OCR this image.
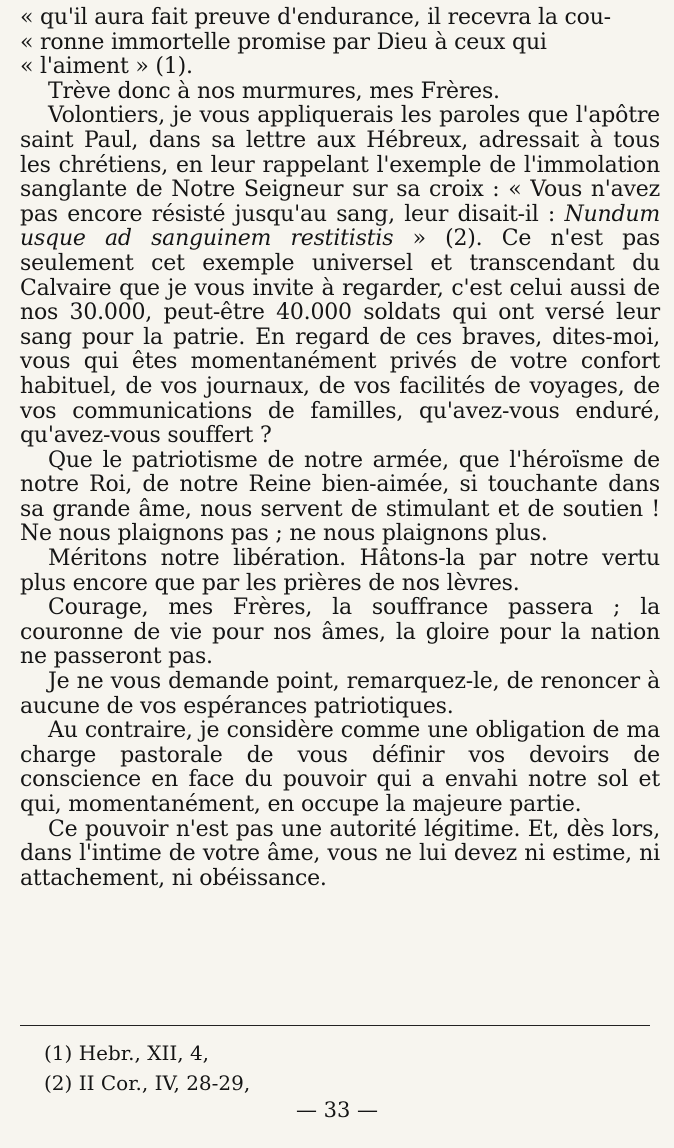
« qu'il aura fait preuve d'endurance, il recevra la cou-
« ronne immortelle promise par Dieu à ceux qui
« l'aiment » (1).

Trève donc à nos murmures, mes Frères.

Volontiers, je vous appliquerais les paroles que l'apôtre saint Paul, dans sa lettre aux Hébreux, adressait à tous les chrétiens, en leur rappelant l'exemple de l'immolation sanglante de Notre Seigneur sur sa croix : « Vous n'avez pas encore résisté jusqu'au sang, leur disait-il : Nundum usque ad sanguinem restitistis » (2). Ce n'est pas seulement cet exemple universel et transcendant du Calvaire que je vous invite à regarder, c'est celui aussi de nos 30.000, peut-être 40.000 soldats qui ont versé leur sang pour la patrie. En regard de ces braves, dites-moi, vous qui êtes momentanément privés de votre confort habituel, de vos journaux, de vos facilités de voyages, de vos communications de familles, qu'avez-vous enduré, qu'avez-vous souffert ?

Que le patriotisme de notre armée, que l'héroïsme de notre Roi, de notre Reine bien-aimée, si touchante dans sa grande âme, nous servent de stimulant et de soutien ! Ne nous plaignons pas ; ne nous plaignons plus.

Méritons notre libération. Hâtons-la par notre vertu plus encore que par les prières de nos lèvres.

Courage, mes Frères, la souffrance passera ; la couronne de vie pour nos âmes, la gloire pour la nation ne passeront pas.

Je ne vous demande point, remarquez-le, de renoncer à aucune de vos espérances patriotiques.

Au contraire, je considère comme une obligation de ma charge pastorale de vous définir vos devoirs de conscience en face du pouvoir qui a envahi notre sol et qui, momentanément, en occupe la majeure partie.

Ce pouvoir n'est pas une autorité légitime. Et, dès lors, dans l'intime de votre âme, vous ne lui devez ni estime, ni attachement, ni obéissance.

(1) Hebr., XII, 4,
(2) II Cor., IV, 28-29,
— 33 —
